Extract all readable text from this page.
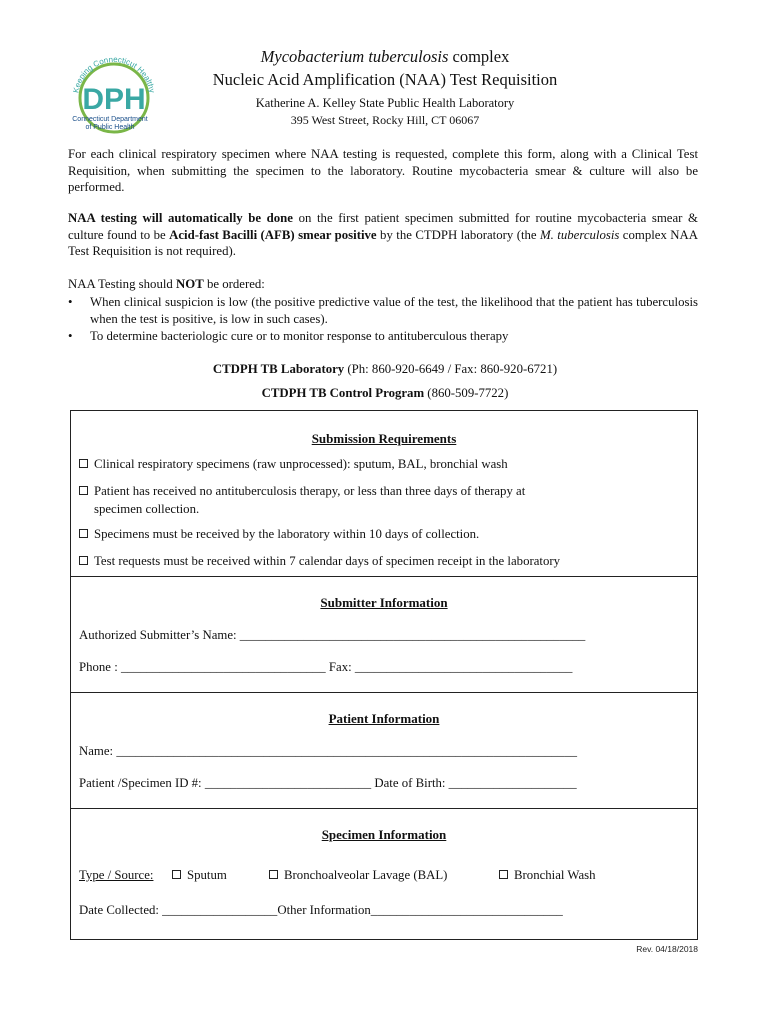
Keeping Connecticut Healthy
DPH
Connecticut Department
of Public Health
Mycobacterium tuberculosis complex
Nucleic Acid Amplification (NAA) Test Requisition
Katherine A. Kelley State Public Health Laboratory
395 West Street, Rocky Hill, CT 06067
For each clinical respiratory specimen where NAA testing is requested, complete this form, along with a Clinical Test Requisition, when submitting the specimen to the laboratory. Routine mycobacteria smear & culture will also be performed.
NAA testing will automatically be done on the first patient specimen submitted for routine mycobacteria smear & culture found to be Acid-fast Bacilli (AFB) smear positive by the CTDPH laboratory (the M. tuberculosis complex NAA Test Requisition is not required).
NAA Testing should NOT be ordered:
• When clinical suspicion is low (the positive predictive value of the test, the likelihood that the patient has tuberculosis when the test is positive, is low in such cases).
• To determine bacteriologic cure or to monitor response to antituberculous therapy
CTDPH TB Laboratory (Ph: 860-920-6649 / Fax: 860-920-6721)
CTDPH TB Control Program (860-509-7722)
Submission Requirements
Clinical respiratory specimens (raw unprocessed): sputum, BAL, bronchial wash
Patient has received no antituberculosis therapy, or less than three days of therapy at
specimen collection.
Specimens must be received by the laboratory within 10 days of collection.
Test requests must be received within 7 calendar days of specimen receipt in the laboratory
Submitter Information
Authorized Submitter’s Name: ______________________________________________________
Phone : ________________________________ Fax: __________________________________
Patient Information
Name: ________________________________________________________________________
Patient /Specimen ID #: __________________________ Date of Birth: ____________________
Specimen Information
Type / Source:	Sputum	Bronchoalveolar Lavage (BAL)	Bronchial Wash
Date Collected: __________________Other Information______________________________
Rev. 04/18/2018
